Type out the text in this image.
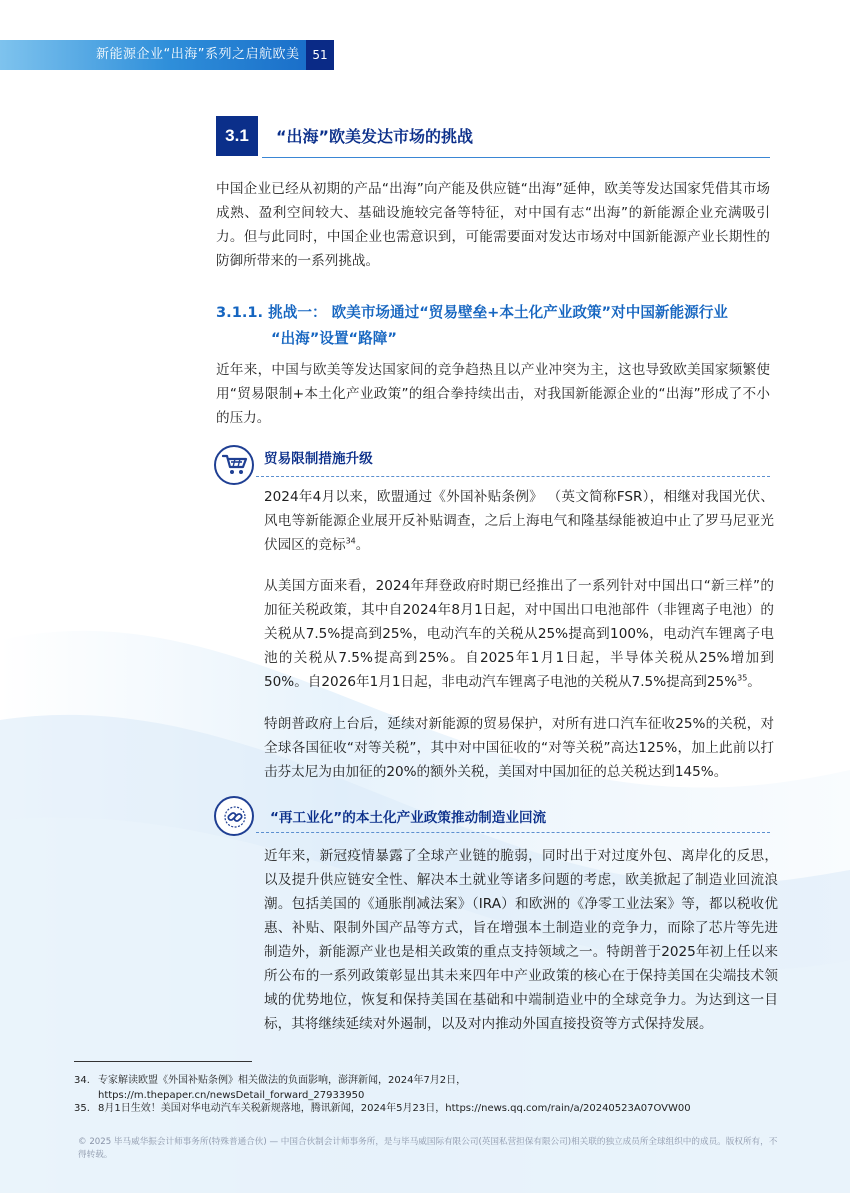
新能源企业“出海”系列之启航欧美	51
3.1	“出海”欧美发达市场的挑战
中国企业已经从初期的产品“出海”向产能及供应链“出海”延伸，欧美等发达国家凭借其市场成熟、盈利空间较大、基础设施较完备等特征，对中国有志“出海”的新能源企业充满吸引力。但与此同时，中国企业也需意识到，可能需要面对发达市场对中国新能源产业长期性的防御所带来的一系列挑战。
3.1.1. 挑战一： 欧美市场通过“贸易壁垒+本土化产业政策”对中国新能源行业
“出海”设置“路障”
近年来，中国与欧美等发达国家间的竞争趋热且以产业冲突为主，这也导致欧美国家频繁使用“贸易限制+本土化产业政策”的组合拳持续出击，对我国新能源企业的“出海”形成了不小的压力。
贸易限制措施升级
2024年4月以来，欧盟通过《外国补贴条例》 （英文简称FSR），相继对我国光伏、风电等新能源企业展开反补贴调查，之后上海电气和隆基绿能被迫中止了罗马尼亚光伏园区的竞标$^{34}$。
从美国方面来看，2024年拜登政府时期已经推出了一系列针对中国出口“新三样”的加征关税政策，其中自2024年8月1日起，对中国出口电池部件（非锂离子电池）的关税从7.5%提高到25%，电动汽车的关税从25%提高到100%，电动汽车锂离子电池的关税从7.5%提高到25%。自2025年1月1日起，半导体关税从25%增加到50%。自2026年1月1日起，非电动汽车锂离子电池的关税从7.5%提高到25%$^{35}$。
特朗普政府上台后，延续对新能源的贸易保护，对所有进口汽车征收25%的关税，对全球各国征收“对等关税”，其中对中国征收的“对等关税”高达125%，加上此前以打击芬太尼为由加征的20%的额外关税，美国对中国加征的总关税达到145%。
“再工业化”的本土化产业政策推动制造业回流
近年来，新冠疫情暴露了全球产业链的脆弱，同时出于对过度外包、离岸化的反思，以及提升供应链安全性、解决本土就业等诸多问题的考虑，欧美掀起了制造业回流浪潮。包括美国的《通胀削减法案》（IRA）和欧洲的《净零工业法案》等，都以税收优惠、补贴、限制外国产品等方式，旨在增强本土制造业的竞争力，而除了芯片等先进制造外，新能源产业也是相关政策的重点支持领域之一。特朗普于2025年初上任以来所公布的一系列政策彰显出其未来四年中产业政策的核心在于保持美国在尖端技术领域的优势地位，恢复和保持美国在基础和中端制造业中的全球竞争力。为达到这一目标，其将继续延续对外遏制，以及对内推动外国直接投资等方式保持发展。
34. 专家解读欧盟《外国补贴条例》相关做法的负面影响，澎湃新闻，2024年7月2日，
https://m.thepaper.cn/newsDetail_forward_27933950
35. 8月1日生效！美国对华电动汽车关税新规落地，腾讯新闻，2024年5月23日，https://news.qq.com/rain/a/20240523A07OVW00
© 2025 毕马威华振会计师事务所(特殊普通合伙) — 中国合伙制会计师事务所，是与毕马威国际有限公司(英国私营担保有限公司)相关联的独立成员所全球组织中的成员。版权所有，不得转载。
